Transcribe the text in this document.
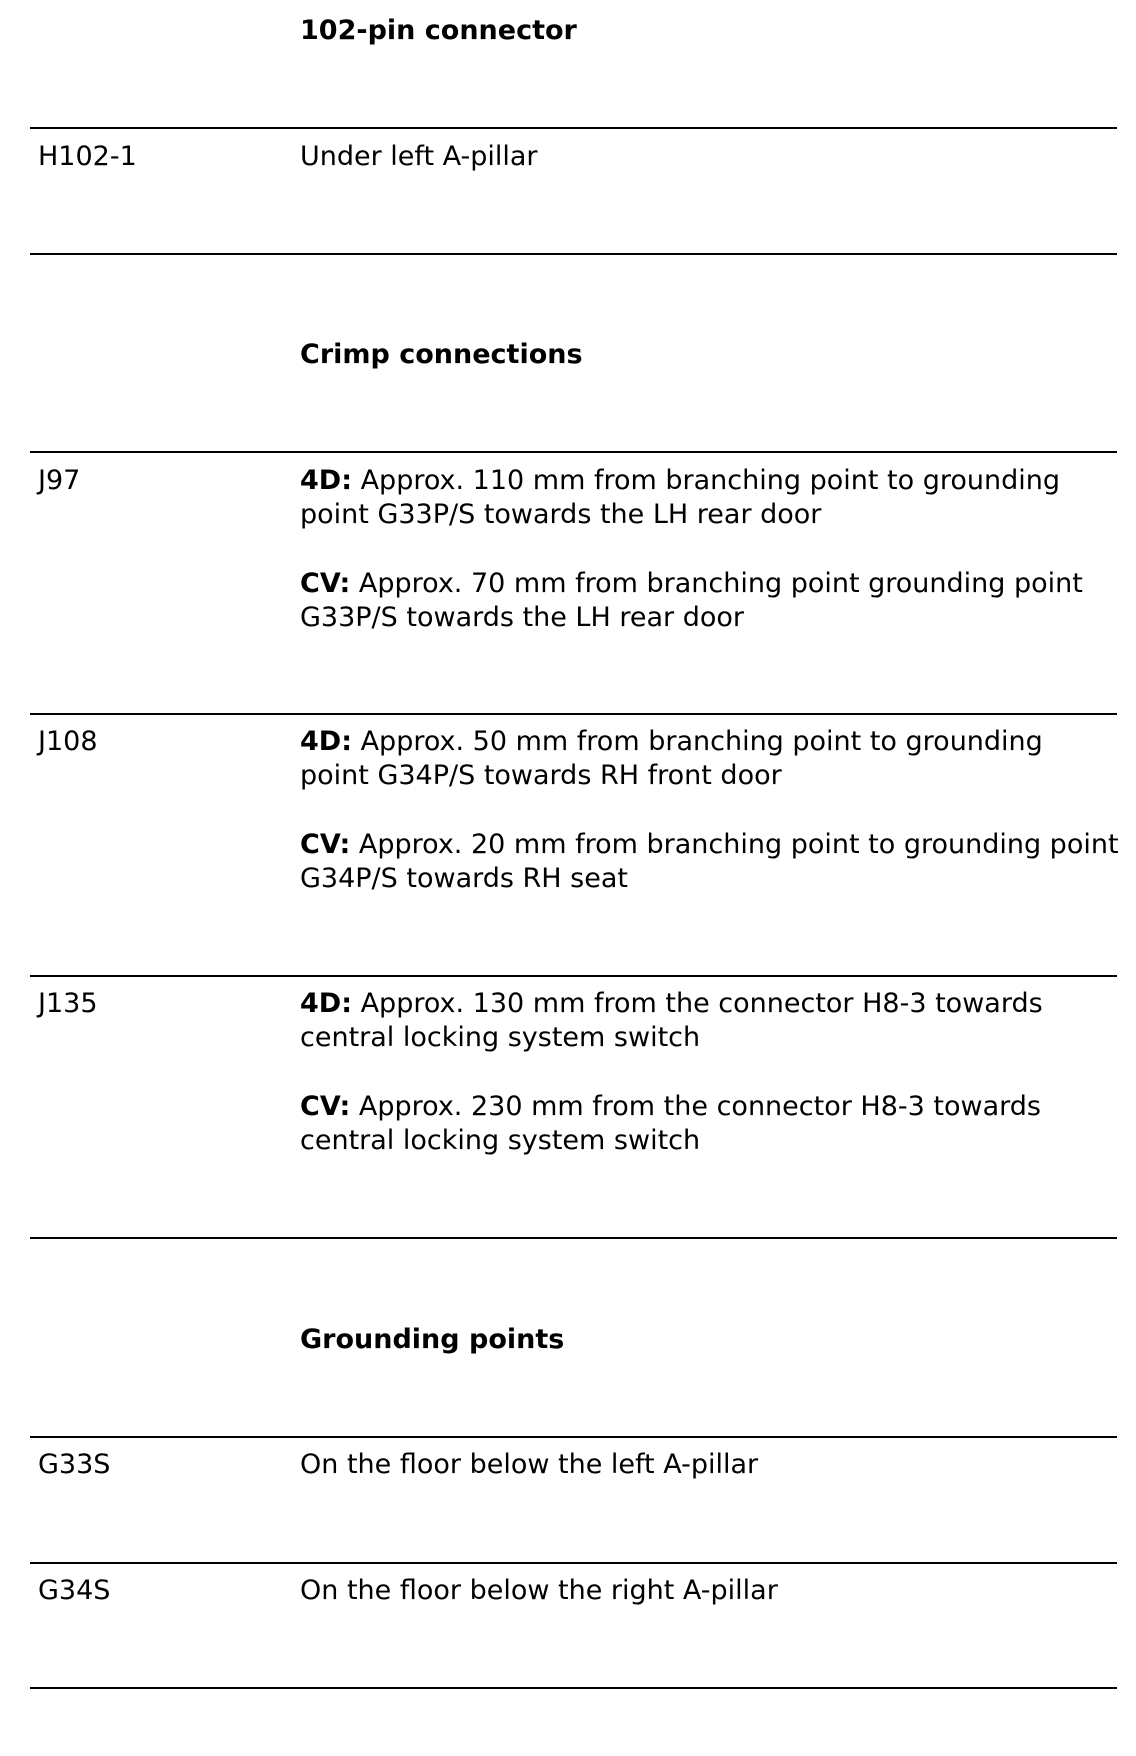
102-pin connector
H102-1	Under left A-pillar

Crimp connections
J97	4D: Approx. 110 mm from branching point to grounding point G33P/S towards the LH rear door

CV: Approx. 70 mm from branching point grounding point G33P/S towards the LH rear door

J108	4D: Approx. 50 mm from branching point to grounding point G34P/S towards RH front door

CV: Approx. 20 mm from branching point to grounding point G34P/S towards RH seat

J135	4D: Approx. 130 mm from the connector H8-3 towards central locking system switch

CV: Approx. 230 mm from the connector H8-3 towards central locking system switch

Grounding points
G33S	On the floor below the left A-pillar

G34S	On the floor below the right A-pillar
